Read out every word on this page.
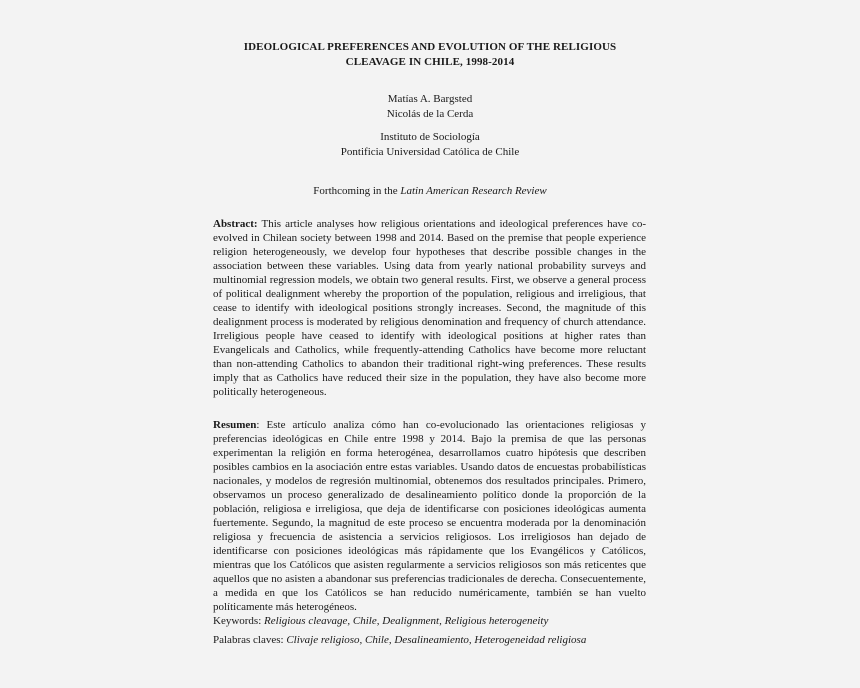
IDEOLOGICAL PREFERENCES AND EVOLUTION OF THE RELIGIOUS
CLEAVAGE IN CHILE, 1998-2014
Matías A. Bargsted
Nicolás de la Cerda
Instituto de Sociología
Pontificia Universidad Católica de Chile
Forthcoming in the Latin American Research Review
Abstract: This article analyses how religious orientations and ideological preferences have co-evolved in Chilean society between 1998 and 2014. Based on the premise that people experience religion heterogeneously, we develop four hypotheses that describe possible changes in the association between these variables. Using data from yearly national probability surveys and multinomial regression models, we obtain two general results. First, we observe a general process of political dealignment whereby the proportion of the population, religious and irreligious, that cease to identify with ideological positions strongly increases. Second, the magnitude of this dealignment process is moderated by religious denomination and frequency of church attendance. Irreligious people have ceased to identify with ideological positions at higher rates than Evangelicals and Catholics, while frequently-attending Catholics have become more reluctant than non-attending Catholics to abandon their traditional right-wing preferences. These results imply that as Catholics have reduced their size in the population, they have also become more politically heterogeneous.
Resumen: Este artículo analiza cómo han co-evolucionado las orientaciones religiosas y preferencias ideológicas en Chile entre 1998 y 2014. Bajo la premisa de que las personas experimentan la religión en forma heterogénea, desarrollamos cuatro hipótesis que describen posibles cambios en la asociación entre estas variables. Usando datos de encuestas probabilísticas nacionales, y modelos de regresión multinomial, obtenemos dos resultados principales. Primero, observamos un proceso generalizado de desalineamiento político donde la proporción de la población, religiosa e irreligiosa, que deja de identificarse con posiciones ideológicas aumenta fuertemente. Segundo, la magnitud de este proceso se encuentra moderada por la denominación religiosa y frecuencia de asistencia a servicios religiosos. Los irreligiosos han dejado de identificarse con posiciones ideológicas más rápidamente que los Evangélicos y Católicos, mientras que los Católicos que asisten regularmente a servicios religiosos son más reticentes que aquellos que no asisten a abandonar sus preferencias tradicionales de derecha. Consecuentemente, a medida en que los Católicos se han reducido numéricamente, también se han vuelto políticamente más heterogéneos.
Keywords: Religious cleavage, Chile, Dealignment, Religious heterogeneity
Palabras claves: Clivaje religioso, Chile, Desalineamiento, Heterogeneidad religiosa
